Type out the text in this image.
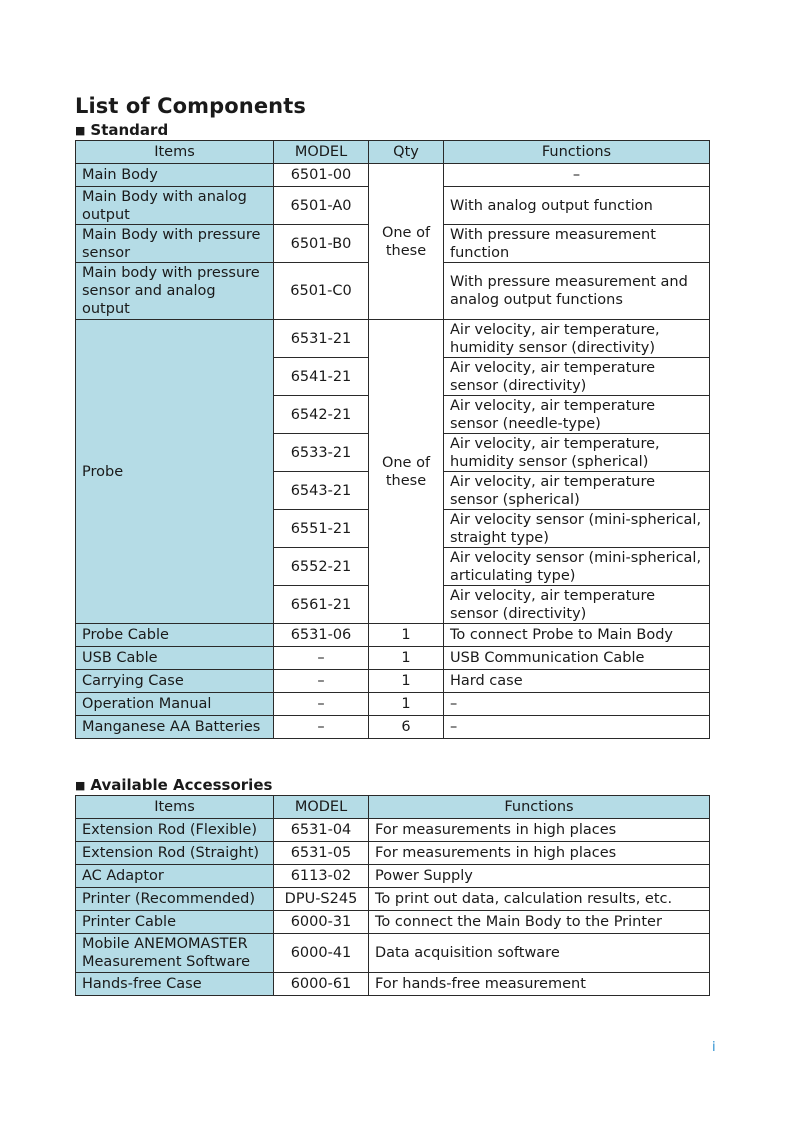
List of Components
■ Standard
Items	MODEL	Qty	Functions
Main Body	6501-00	One of these	–
Main Body with analog output	6501-A0		With analog output function
Main Body with pressure sensor	6501-B0		With pressure measurement function
Main body with pressure sensor and analog output	6501-C0		With pressure measurement and analog output functions
Probe	6531-21	One of these	Air velocity, air temperature, humidity sensor (directivity)
	6541-21		Air velocity, air temperature sensor (directivity)
	6542-21		Air velocity, air temperature sensor (needle-type)
	6533-21		Air velocity, air temperature, humidity sensor (spherical)
	6543-21		Air velocity, air temperature sensor (spherical)
	6551-21		Air velocity sensor (mini-spherical, straight type)
	6552-21		Air velocity sensor (mini-spherical, articulating type)
	6561-21		Air velocity, air temperature sensor (directivity)
Probe Cable	6531-06	1	To connect Probe to Main Body
USB Cable	–	1	USB Communication Cable
Carrying Case	–	1	Hard case
Operation Manual	–	1	–
Manganese AA Batteries	–	6	–
■ Available Accessories
Items	MODEL	Functions
Extension Rod (Flexible)	6531-04	For measurements in high places
Extension Rod (Straight)	6531-05	For measurements in high places
AC Adaptor	6113-02	Power Supply
Printer (Recommended)	DPU-S245	To print out data, calculation results, etc.
Printer Cable	6000-31	To connect the Main Body to the Printer
Mobile ANEMOMASTER Measurement Software	6000-41	Data acquisition software
Hands-free Case	6000-61	For hands-free measurement
i
